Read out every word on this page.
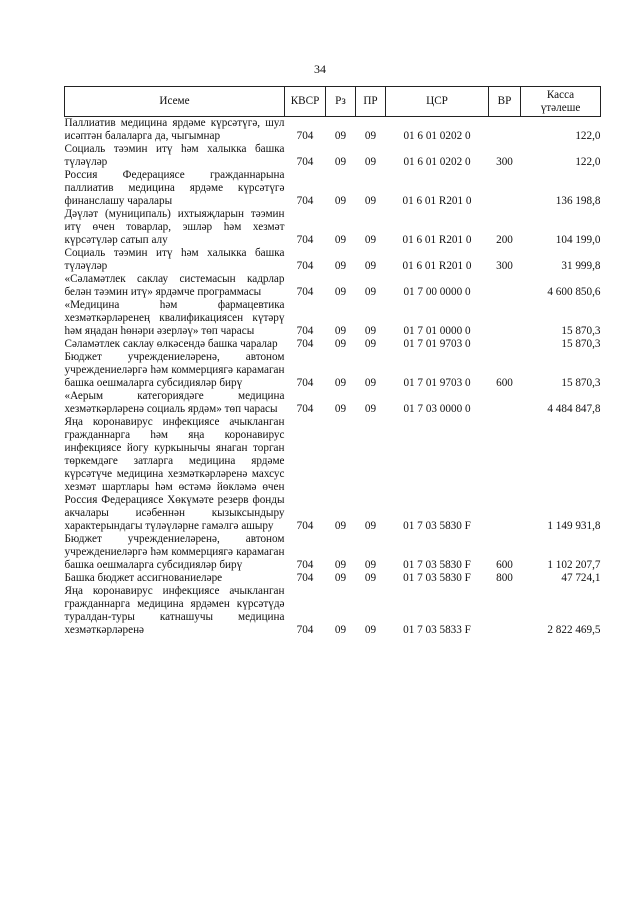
34
Исеме	КВСР	Рз	ПР	ЦСР	ВР	Касса
үтәлеше

Паллиатив медицина ярдәме күрсәтүгә, шул исәптән балаларга да, чыгымнар	704	09	09	01 6 01 0202 0		122,0
Социаль тәэмин итү һәм халыкка башка түләүләр	704	09	09	01 6 01 0202 0	300	122,0
Россия Федерациясе гражданнарына паллиатив медицина ярдәме күрсәтүгә финанслашу чаралары	704	09	09	01 6 01 R201 0		136 198,8
Дәүләт (муниципаль) ихтыяҗларын тәэмин итү өчен товарлар, эшләр һәм хезмәт күрсәтүләр сатып алу	704	09	09	01 6 01 R201 0	200	104 199,0
Социаль тәэмин итү һәм халыкка башка түләүләр	704	09	09	01 6 01 R201 0	300	31 999,8
«Сәламәтлек саклау системасын кадрлар белән тәэмин итү» ярдәмче программасы	704	09	09	01 7 00 0000 0		4 600 850,6
«Медицина һәм фармацевтика хезмәткәрләренең квалификациясен күтәрү һәм яңадан һөнәри әзерләү» төп чарасы	704	09	09	01 7 01 0000 0		15 870,3
Сәламәтлек саклау өлкәсендә башка чаралар	704	09	09	01 7 01 9703 0		15 870,3
Бюджет учреждениеләренә, автоном учреждениеләргә һәм коммерциягә карамаган башка оешмаларга субсидияләр бирү	704	09	09	01 7 01 9703 0	600	15 870,3
«Аерым категориядәге медицина хезмәткәрләренә социаль ярдәм» төп чарасы	704	09	09	01 7 03 0000 0		4 484 847,8
Яңа коронавирус инфекциясе ачыкланган гражданнарга һәм яңа коронавирус инфекциясе йогу куркынычы янаган торган төркемдәге затларга медицина ярдәме күрсәтүче медицина хезмәткәрләренә махсус хезмәт шартлары һәм өстәмә йөкләмә өчен Россия Федерациясе Хөкүмәте резерв фонды акчалары исәбеннән кызыксындыру характерындагы түләүләрне гамәлгә ашыру	704	09	09	01 7 03 5830 F		1 149 931,8
Бюджет учреждениеләренә, автоном учреждениеләргә һәм коммерциягә карамаган башка оешмаларга субсидияләр бирү	704	09	09	01 7 03 5830 F	600	1 102 207,7
Башка бюджет ассигнованиеләре	704	09	09	01 7 03 5830 F	800	47 724,1
Яңа коронавирус инфекциясе ачыкланган гражданнарга медицина ярдәмен күрсәтүдә туралдан-туры катнашучы медицина хезмәткәрләренә	704	09	09	01 7 03 5833 F		2 822 469,5
